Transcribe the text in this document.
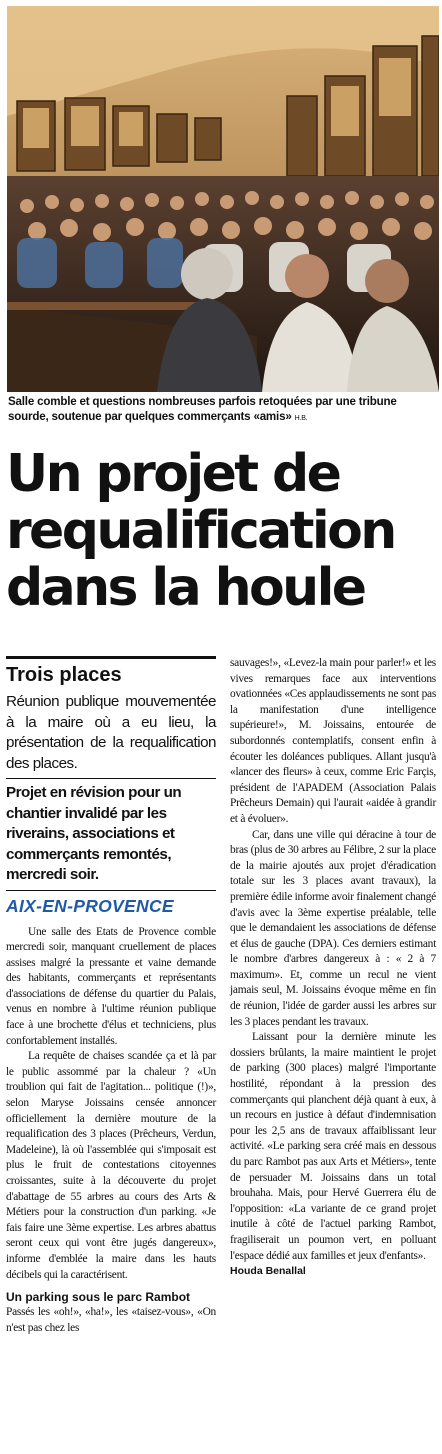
Salle comble et questions nombreuses parfois retoquées par une tribune sourde, soutenue par quelques commerçants «amis» H.B.
Un projet de
requalification
dans la houle
Trois places
Réunion publique mouvementée à la maire où a eu lieu, la présentation de la requalification des places.
Projet en révision pour un chantier invalidé par les riverains, associations et commerçants remontés, mercredi soir.
AIX-EN-PROVENCE

Une salle des Etats de Provence comble mercredi soir, manquant cruellement de places assises malgré la pressante et vaine demande des habitants, commerçants et représentants d'associations de défense du quartier du Palais, venus en nombre à l'ultime réunion publique face à une brochette d'élus et techniciens, plus confortablement installés.

La requête de chaises scandée ça et là par le public assommé par la chaleur ? «Un troublion qui fait de l'agitation... politique (!)», selon Maryse Joissains censée annoncer officiellement la dernière mouture de la requalification des 3 places (Prêcheurs, Verdun, Madeleine), là où l'assemblée qui s'imposait est plus le fruit de contestations citoyennes croissantes, suite à la découverte du projet d'abattage de 55 arbres au cours des Arts & Métiers pour la construction d'un parking. «Je fais faire une 3ème expertise. Les arbres abattus seront ceux qui vont être jugés dangereux», informe d'emblée la maire dans les hauts décibels qui la caractérisent.

Un parking sous le parc Rambot

Passés les «oh!», «ha!», les «taisez-vous», «On n'est pas chez les

sauvages!», «Levez-la main pour parler!» et les vives remarques face aux interventions ovationnées «Ces applaudissements ne sont pas la manifestation d'une intelligence supérieure!», M. Joissains, entourée de subordonnés contemplatifs, consent enfin à écouter les doléances publiques. Allant jusqu'à «lancer des fleurs» à ceux, comme Eric Farçis, président de l'APADEM (Association Palais Prêcheurs Demain) qui l'aurait «aidée à grandir et à évoluer».

Car, dans une ville qui déracine à tour de bras (plus de 30 arbres au Félibre, 2 sur la place de la mairie ajoutés aux projet d'éradication totale sur les 3 places avant travaux), la première édile informe avoir finalement changé d'avis avec la 3ème expertise préalable, telle que le demandaient les associations de défense et élus de gauche (DPA). Ces derniers estimant le nombre d'arbres dangereux à : « 2 à 7 maximum». Et, comme un recul ne vient jamais seul, M. Joissains évoque même en fin de réunion, l'idée de garder aussi les arbres sur les 3 places pendant les travaux.

Laissant pour la dernière minute les dossiers brûlants, la maire maintient le projet de parking (300 places) malgré l'importante hostilité, répondant à la pression des commerçants qui planchent déjà quant à eux, à un recours en justice à défaut d'indemnisation pour les 2,5 ans de travaux affaiblissant leur activité. «Le parking sera créé mais en dessous du parc Rambot pas aux Arts et Métiers», tente de persuader M. Joissains dans un total brouhaha. Mais, pour Hervé Guerrera élu de l'opposition: «La variante de ce grand projet inutile à côté de l'actuel parking Rambot, fragiliserait un poumon vert, en polluant l'espace dédié aux familles et jeux d'enfants».

Houda Benallal
